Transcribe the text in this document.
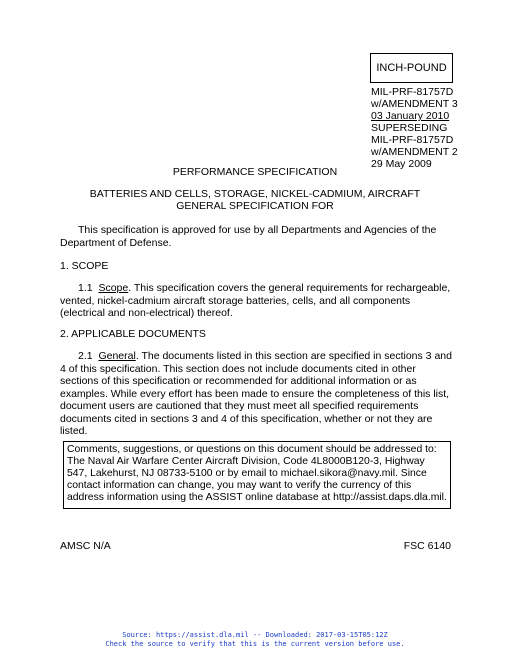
INCH-POUND
MIL-PRF-81757D
w/AMENDMENT 3
03 January 2010
SUPERSEDING
MIL-PRF-81757D
w/AMENDMENT 2
29 May 2009
PERFORMANCE SPECIFICATION
BATTERIES AND CELLS, STORAGE, NICKEL-CADMIUM, AIRCRAFT
GENERAL SPECIFICATION FOR
This specification is approved for use by all Departments and Agencies of the Department of Defense.
1. SCOPE
1.1 Scope. This specification covers the general requirements for rechargeable, vented, nickel-cadmium aircraft storage batteries, cells, and all components (electrical and non-electrical) thereof.
2. APPLICABLE DOCUMENTS
2.1 General. The documents listed in this section are specified in sections 3 and 4 of this specification. This section does not include documents cited in other sections of this specification or recommended for additional information or as examples. While every effort has been made to ensure the completeness of this list, document users are cautioned that they must meet all specified requirements documents cited in sections 3 and 4 of this specification, whether or not they are listed.
Comments, suggestions, or questions on this document should be addressed to: The Naval Air Warfare Center Aircraft Division, Code 4L8000B120-3, Highway 547, Lakehurst, NJ 08733-5100 or by email to michael.sikora@navy.mil. Since contact information can change, you may want to verify the currency of this address information using the ASSIST online database at http://assist.daps.dla.mil.
AMSC N/A	FSC 6140
Source: https://assist.dla.mil -- Downloaded: 2017-03-15T05:12Z
Check the source to verify that this is the current version before use.
